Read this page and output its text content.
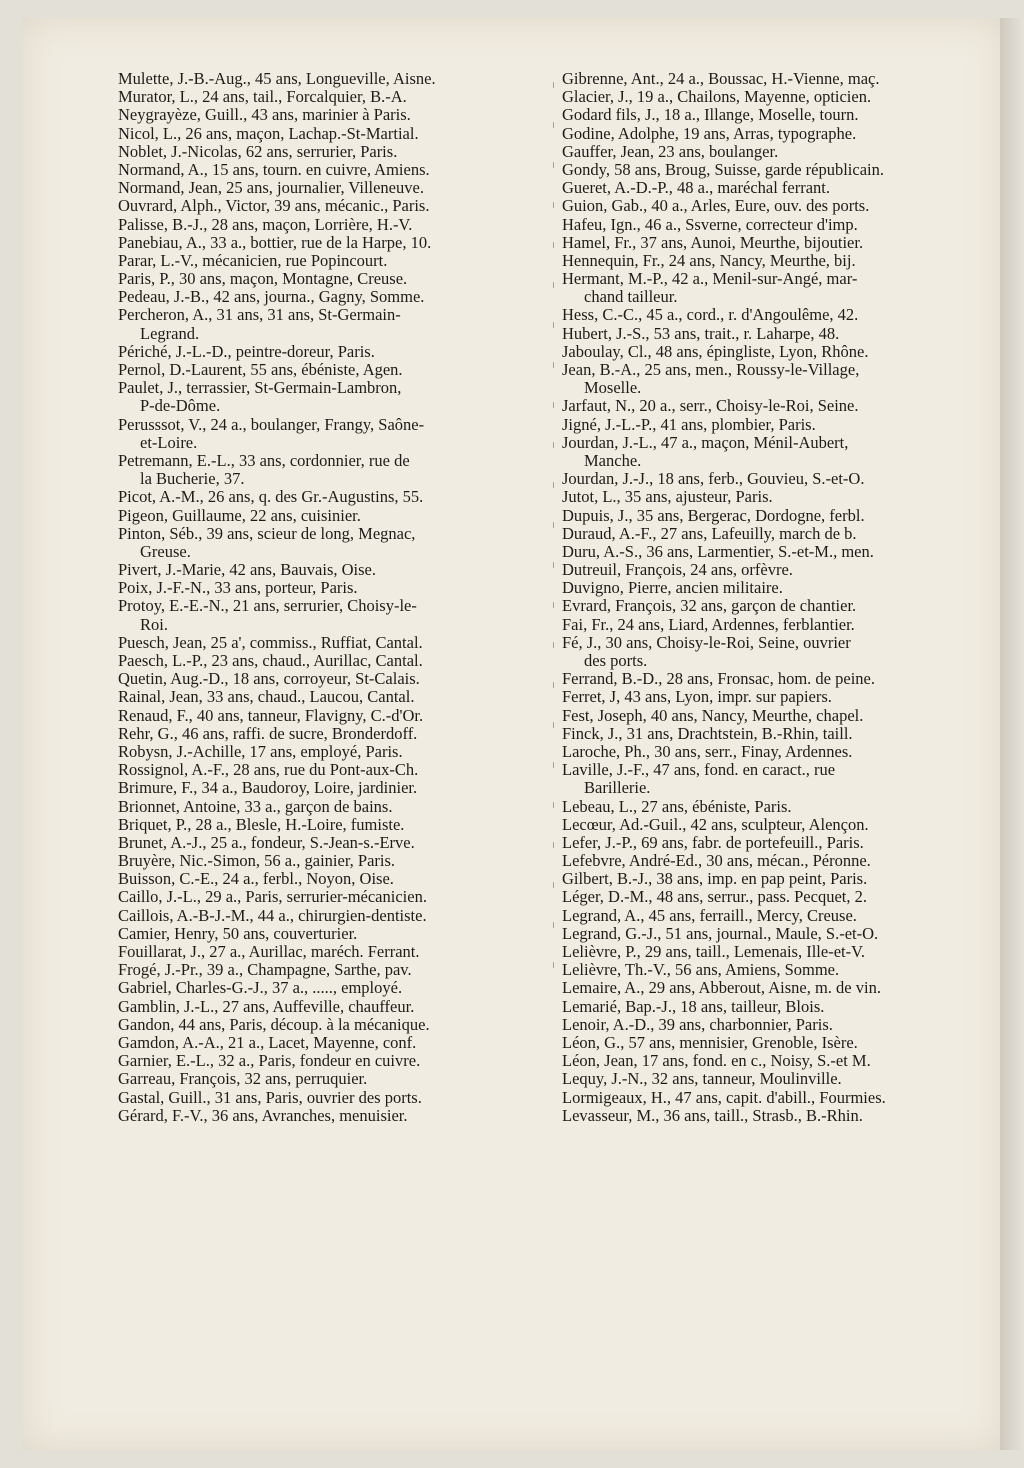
Mulette, J.-B.-Aug., 45 ans, Longueville, Aisne.
Murator, L., 24 ans, tail., Forcalquier, B.-A.
Neygrayèze, Guill., 43 ans, marinier à Paris.
Nicol, L., 26 ans, maçon, Lachap.-St-Martial.
Noblet, J.-Nicolas, 62 ans, serrurier, Paris.
Normand, A., 15 ans, tourn. en cuivre, Amiens.
Normand, Jean, 25 ans, journalier, Villeneuve.
Ouvrard, Alph., Victor, 39 ans, mécanic., Paris.
Palisse, B.-J., 28 ans, maçon, Lorrière, H.-V.
Panebiau, A., 33 a., bottier, rue de la Harpe, 10.
Parar, L.-V., mécanicien, rue Popincourt.
Paris, P., 30 ans, maçon, Montagne, Creuse.
Pedeau, J.-B., 42 ans, journa., Gagny, Somme.
Percheron, A., 31 ans, 31 ans, St-Germain-
Legrand.
Périché, J.-L.-D., peintre-doreur, Paris.
Pernol, D.-Laurent, 55 ans, ébéniste, Agen.
Paulet, J., terrassier, St-Germain-Lambron,
P-de-Dôme.
Perusssot, V., 24 a., boulanger, Frangy, Saône-
et-Loire.
Petremann, E.-L., 33 ans, cordonnier, rue de
la Bucherie, 37.
Picot, A.-M., 26 ans, q. des Gr.-Augustins, 55.
Pigeon, Guillaume, 22 ans, cuisinier.
Pinton, Séb., 39 ans, scieur de long, Megnac,
Greuse.
Pivert, J.-Marie, 42 ans, Bauvais, Oise.
Poix, J.-F.-N., 33 ans, porteur, Paris.
Protoy, E.-E.-N., 21 ans, serrurier, Choisy-le-
Roi.
Puesch, Jean, 25 a', commiss., Ruffiat, Cantal.
Paesch, L.-P., 23 ans, chaud., Aurillac, Cantal.
Quetin, Aug.-D., 18 ans, corroyeur, St-Calais.
Rainal, Jean, 33 ans, chaud., Laucou, Cantal.
Renaud, F., 40 ans, tanneur, Flavigny, C.-d'Or.
Rehr, G., 46 ans, raffi. de sucre, Bronderdoff.
Robysn, J.-Achille, 17 ans, employé, Paris.
Rossignol, A.-F., 28 ans, rue du Pont-aux-Ch.
Brimure, F., 34 a., Baudoroy, Loire, jardinier.
Brionnet, Antoine, 33 a., garçon de bains.
Briquet, P., 28 a., Blesle, H.-Loire, fumiste.
Brunet, A.-J., 25 a., fondeur, S.-Jean-s.-Erve.
Bruyère, Nic.-Simon, 56 a., gainier, Paris.
Buisson, C.-E., 24 a., ferbl., Noyon, Oise.
Caillo, J.-L., 29 a., Paris, serrurier-mécanicien.
Caillois, A.-B-J.-M., 44 a., chirurgien-dentiste.
Camier, Henry, 50 ans, couverturier.
Fouillarat, J., 27 a., Aurillac, maréch. Ferrant.
Frogé, J.-Pr., 39 a., Champagne, Sarthe, pav.
Gabriel, Charles-G.-J., 37 a., ....., employé.
Gamblin, J.-L., 27 ans, Auffeville, chauffeur.
Gandon, 44 ans, Paris, découp. à la mécanique.
Gamdon, A.-A., 21 a., Lacet, Mayenne, conf.
Garnier, E.-L., 32 a., Paris, fondeur en cuivre.
Garreau, François, 32 ans, perruquier.
Gastal, Guill., 31 ans, Paris, ouvrier des ports.
Gérard, F.-V., 36 ans, Avranches, menuisier.
Gibrenne, Ant., 24 a., Boussac, H.-Vienne, maç.
Glacier, J., 19 a., Chailons, Mayenne, opticien.
Godard fils, J., 18 a., Illange, Moselle, tourn.
Godine, Adolphe, 19 ans, Arras, typographe.
Gauffer, Jean, 23 ans, boulanger.
Gondy, 58 ans, Broug, Suisse, garde républicain.
Gueret, A.-D.-P., 48 a., maréchal ferrant.
Guion, Gab., 40 a., Arles, Eure, ouv. des ports.
Hafeu, Ign., 46 a., Ssverne, correcteur d'imp.
Hamel, Fr., 37 ans, Aunoi, Meurthe, bijoutier.
Hennequin, Fr., 24 ans, Nancy, Meurthe, bij.
Hermant, M.-P., 42 a., Menil-sur-Angé, mar-
chand tailleur.
Hess, C.-C., 45 a., cord., r. d'Angoulême, 42.
Hubert, J.-S., 53 ans, trait., r. Laharpe, 48.
Jaboulay, Cl., 48 ans, épingliste, Lyon, Rhône.
Jean, B.-A., 25 ans, men., Roussy-le-Village,
Moselle.
Jarfaut, N., 20 a., serr., Choisy-le-Roi, Seine.
Jigné, J.-L.-P., 41 ans, plombier, Paris.
Jourdan, J.-L., 47 a., maçon, Ménil-Aubert,
Manche.
Jourdan, J.-J., 18 ans, ferb., Gouvieu, S.-et-O.
Jutot, L., 35 ans, ajusteur, Paris.
Dupuis, J., 35 ans, Bergerac, Dordogne, ferbl.
Duraud, A.-F., 27 ans, Lafeuilly, march de b.
Duru, A.-S., 36 ans, Larmentier, S.-et-M., men.
Dutreuil, François, 24 ans, orfèvre.
Duvigno, Pierre, ancien militaire.
Evrard, François, 32 ans, garçon de chantier.
Fai, Fr., 24 ans, Liard, Ardennes, ferblantier.
Fé, J., 30 ans, Choisy-le-Roi, Seine, ouvrier
des ports.
Ferrand, B.-D., 28 ans, Fronsac, hom. de peine.
Ferret, J, 43 ans, Lyon, impr. sur papiers.
Fest, Joseph, 40 ans, Nancy, Meurthe, chapel.
Finck, J., 31 ans, Drachtstein, B.-Rhin, taill.
Laroche, Ph., 30 ans, serr., Finay, Ardennes.
Laville, J.-F., 47 ans, fond. en caract., rue
Barillerie.
Lebeau, L., 27 ans, ébéniste, Paris.
Lecœur, Ad.-Guil., 42 ans, sculpteur, Alençon.
Lefer, J.-P., 69 ans, fabr. de portefeuill., Paris.
Lefebvre, André-Ed., 30 ans, mécan., Péronne.
Gilbert, B.-J., 38 ans, imp. en pap peint, Paris.
Léger, D.-M., 48 ans, serrur., pass. Pecquet, 2.
Legrand, A., 45 ans, ferraill., Mercy, Creuse.
Legrand, G.-J., 51 ans, journal., Maule, S.-et-O.
Lelièvre, P., 29 ans, taill., Lemenais, Ille-et-V.
Lelièvre, Th.-V., 56 ans, Amiens, Somme.
Lemaire, A., 29 ans, Abberout, Aisne, m. de vin.
Lemarié, Bap.-J., 18 ans, tailleur, Blois.
Lenoir, A.-D., 39 ans, charbonnier, Paris.
Léon, G., 57 ans, mennisier, Grenoble, Isère.
Léon, Jean, 17 ans, fond. en c., Noisy, S.-et M.
Lequy, J.-N., 32 ans, tanneur, Moulinville.
Lormigeaux, H., 47 ans, capit. d'abill., Fourmies.
Levasseur, M., 36 ans, taill., Strasb., B.-Rhin.
